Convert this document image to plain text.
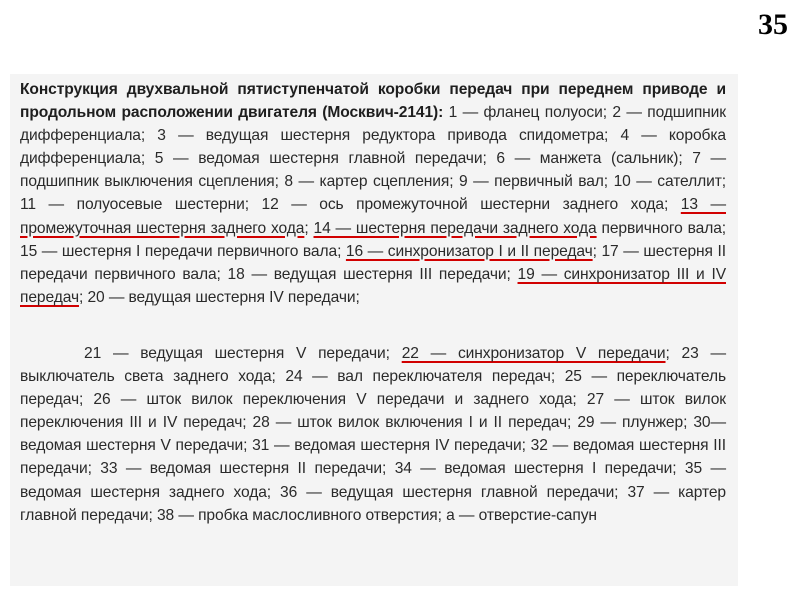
35
Конструкция двухвальной пятиступенчатой коробки передач при переднем приводе и продольном расположении двигателя (Москвич-2141): 1 — фланец полуоси; 2 — подшипник дифференциала; 3 — ведущая шестерня редуктора привода спидометра; 4 — коробка дифференциала; 5 — ведомая шестерня главной передачи; 6 — манжета (сальник); 7 — подшипник выключения сцепления; 8 — картер сцепления; 9 — первичный вал; 10 — сателлит; 11 — полуосевые шестерни; 12 — ось промежуточной шестерни заднего хода; 13 — промежуточная шестерня заднего хода; 14 — шестерня передачи заднего хода первичного вала; 15 — шестерня I передачи первичного вала; 16 — синхронизатор I и II передач; 17 — шестерня II передачи первичного вала; 18 — ведущая шестерня III передачи; 19 — синхронизатор III и IV передач; 20 — ведущая шестерня IV передачи;
21 — ведущая шестерня V передачи; 22 — синхронизатор V передачи; 23 — выключатель света заднего хода; 24 — вал переключателя передач; 25 — переключатель передач; 26 — шток вилок переключения V передачи и заднего хода; 27 — шток вилок переключения III и IV передач; 28 — шток вилок включения I и II передач; 29 — плунжер; 30— ведомая шестерня V передачи; 31 — ведомая шестерня IV передачи; 32 — ведомая шестерня III передачи; 33 — ведомая шестерня II передачи; 34 — ведомая шестерня I передачи; 35 — ведомая шестерня заднего хода; 36 — ведущая шестерня главной передачи; 37 — картер главной передачи; 38 — пробка маслосливного отверстия; а — отверстие-сапун
